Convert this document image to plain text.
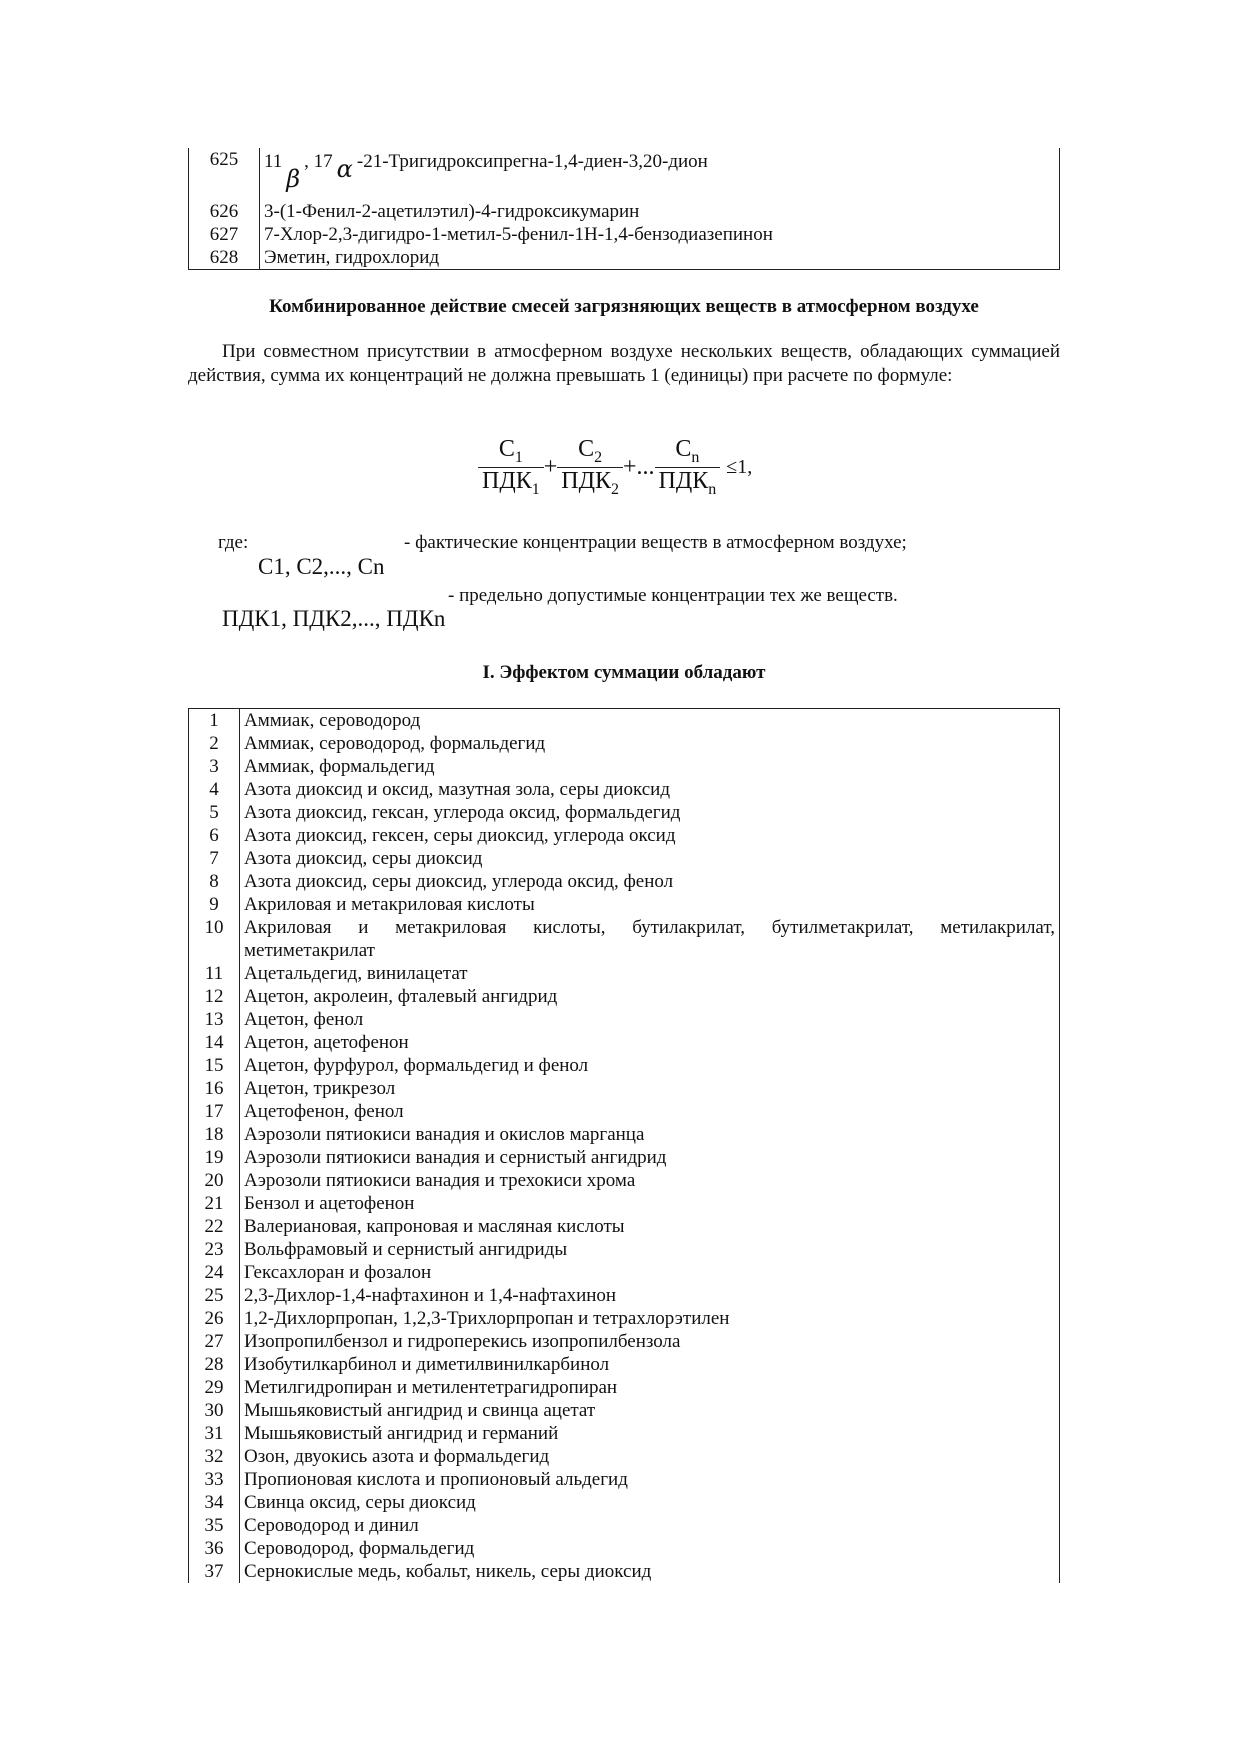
625	11β, 17 α -21-Тригидроксипрегна-1,4-диен-3,20-дион
626	3-(1-Фенил-2-ацетилэтил)-4-гидроксикумарин
627	7-Хлор-2,3-дигидро-1-метил-5-фенил-1H-1,4-бензодиазепинон
628	Эметин, гидрохлорид
Комбинированное действие смесей загрязняющих веществ в атмосферном воздухе
При совместном присутствии в атмосферном воздухе нескольких веществ, обладающих суммацией действия, сумма их концентраций не должна превышать 1 (единицы) при расчете по формуле:
$\frac{C_1}{ПДК_1} + \frac{C_2}{ПДК_2}$ +... $\frac{C_n}{ПДК_n} \le 1$,
где:
C1, C2,..., Cn
- фактические концентрации веществ в атмосферном воздухе;
ПДК1, ПДК2,..., ПДКn
- предельно допустимые концентрации тех же веществ.
I. Эффектом суммации обладают
1	Аммиак, сероводород
2	Аммиак, сероводород, формальдегид
3	Аммиак, формальдегид
4	Азота диоксид и оксид, мазутная зола, серы диоксид
5	Азота диоксид, гексан, углерода оксид, формальдегид
6	Азота диоксид, гексен, серы диоксид, углерода оксид
7	Азота диоксид, серы диоксид
8	Азота диоксид, серы диоксид, углерода оксид, фенол
9	Акриловая и метакриловая кислоты
10	Акриловая и метакриловая кислоты, бутилакрилат, бутилметакрилат, метилакрилат, метиметакрилат
11	Ацетальдегид, винилацетат
12	Ацетон, акролеин, фталевый ангидрид
13	Ацетон, фенол
14	Ацетон, ацетофенон
15	Ацетон, фурфурол, формальдегид и фенол
16	Ацетон, трикрезол
17	Ацетофенон, фенол
18	Аэрозоли пятиокиси ванадия и окислов марганца
19	Аэрозоли пятиокиси ванадия и сернистый ангидрид
20	Аэрозоли пятиокиси ванадия и трехокиси хрома
21	Бензол и ацетофенон
22	Валериановая, капроновая и масляная кислоты
23	Вольфрамовый и сернистый ангидриды
24	Гексахлоран и фозалон
25	2,3-Дихлор-1,4-нафтахинон и 1,4-нафтахинон
26	1,2-Дихлорпропан, 1,2,3-Трихлорпропан и тетрахлорэтилен
27	Изопропилбензол и гидроперекись изопропилбензола
28	Изобутилкарбинол и диметилвинилкарбинол
29	Метилгидропиран и метилентетрагидропиран
30	Мышьяковистый ангидрид и свинца ацетат
31	Мышьяковистый ангидрид и германий
32	Озон, двуокись азота и формальдегид
33	Пропионовая кислота и пропионовый альдегид
34	Свинца оксид, серы диоксид
35	Сероводород и динил
36	Сероводород, формальдегид
37	Сернокислые медь, кобальт, никель, серы диоксид
